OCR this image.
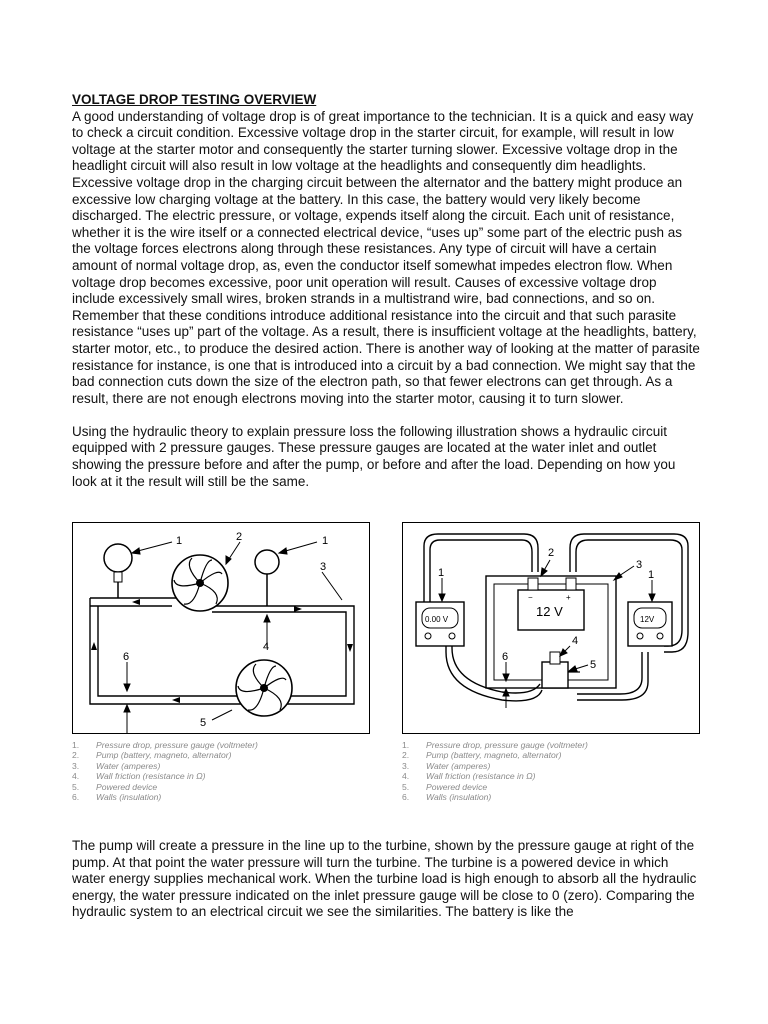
VOLTAGE DROP TESTING OVERVIEW

A good understanding of voltage drop is of great importance to the technician. It is a quick and easy way to check a circuit condition. Excessive voltage drop in the starter circuit, for example, will result in low voltage at the starter motor and consequently the starter turning slower. Excessive voltage drop in the headlight circuit will also result in low voltage at the headlights and consequently dim headlights. Excessive voltage drop in the charging circuit between the alternator and the battery might produce an excessive low charging voltage at the battery. In this case, the battery would very likely become discharged. The electric pressure, or voltage, expends itself along the circuit. Each unit of resistance, whether it is the wire itself or a connected electrical device, “uses up” some part of the electric push as the voltage forces electrons along through these resistances. Any type of circuit will have a certain amount of normal voltage drop, as, even the conductor itself somewhat impedes electron flow. When voltage drop becomes excessive, poor unit operation will result. Causes of excessive voltage drop include excessively small wires, broken strands in a multistrand wire, bad connections, and so on. Remember that these conditions introduce additional resistance into the circuit and that such parasite resistance “uses up” part of the voltage. As a result, there is insufficient voltage at the headlights, battery, starter motor, etc., to produce the desired action. There is another way of looking at the matter of parasite resistance for instance, is one that is introduced into a circuit by a bad connection. We might say that the bad connection cuts down the size of the electron path, so that fewer electrons can get through. As a result, there are not enough electrons moving into the starter motor, causing it to turn slower.

Using the hydraulic theory to explain pressure loss the following illustration shows a hydraulic circuit equipped with 2 pressure gauges. These pressure gauges are located at the water inlet and outlet showing the pressure before and after the pump, or before and after the load. Depending on how you look at it the result will still be the same.

1	2	1
3
4
6
5
1.	Pressure drop, pressure gauge (voltmeter)
2.	Pump (battery, magneto, alternator)
3.	Water (amperes)
4.	Wall friction (resistance in Ω)
5.	Powered device
6.	Walls (insulation)
−	+
12 V
0.00 V	12V
2
3
1	1
4
5
6
1.	Pressure drop, pressure gauge (voltmeter)
2.	Pump (battery, magneto, alternator)
3.	Water (amperes)
4.	Wall friction (resistance in Ω)
5.	Powered device
6.	Walls (insulation)

The pump will create a pressure in the line up to the turbine, shown by the pressure gauge at right of the pump. At that point the water pressure will turn the turbine. The turbine is a powered device in which water energy supplies mechanical work. When the turbine load is high enough to absorb all the hydraulic energy, the water pressure indicated on the inlet pressure gauge will be close to 0 (zero). Comparing the hydraulic system to an electrical circuit we see the similarities. The battery is like the
